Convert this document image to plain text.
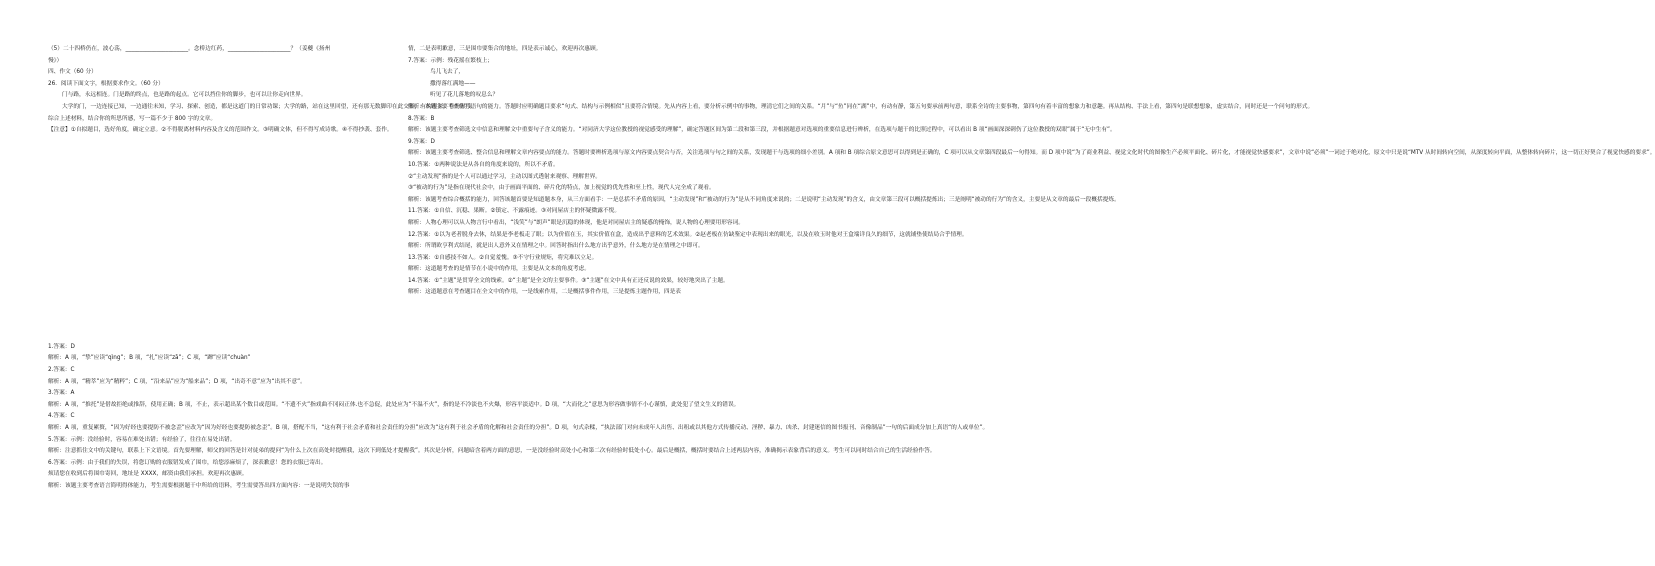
（5）二十四桥仍在，波心荡，______________________。念桥边红药，______________________？（姜夔《扬州
慢》）
四、作文（60 分）
26．阅读下面文字，根据要求作文。（60 分）
门与路，永远相连。门是路的终点，也是路的起点。它可以挡住你的脚步，也可以让你走向世界。
大学的门，一边连接已知，一边通往未知，学习、探索、创造，都是这道门的日常功课；大学的路，站在这里回望，还有那无数脚印在此交集，有的很深，有的很浅。
综合上述材料，结合你的所思所感，写一篇不少于 800 字的文章。
【注意】①自拟题目，选好角度，确定立意。②不得脱离材料内容及含义的范围作文。③明确文体，但不得写成诗歌。④不得抄袭、套作。
1.答案：D
解析：A 项，“挚”应读“qìng”；B 项，“扎”应读“zā”；C 项，“蹿”应读“chuàn”
2.答案：C
解析：A 项，“精萃”应为“精粹”；C 项，“沿来品”应为“船来品”；D 项，“出奇不意”应为“出其不意”。
3.答案：A
解析：A 项，“推托”是借故拒绝或推辞，使用正确；B 项，不止，表示超出某个数目或范围。“不遗不火”指戏曲不冈闷正体.也不急促，此处应为“不温不火”，指的是不冷淡也不火爆，形容平淡适中。D 项，“大而化之”意思为形容做事情不小心谨慎，此处犯了望文生义的错误。
4.答案：C
解析：A 项，重复累赘，“因为好经也要提防不被念歪”应改为“因为好经也要提防被念歪”。B 项，搭配不当，“这有利于社会矛盾和社会责任的分担”应改为“这有利于社会矛盾的化解和社会责任的分担”。D 项，句式杂糅，“执法部门对向未成年人出售、出租或以其他方式传播反动、淫秽、暴力、凶杀、封建迷信的图书报刊、音像制品”一句的后面成分加上真语“的人或单位”。
5.答案：示例：没经验时，容易在难处出错；有经验了，往往在易处出错。
解析：注意抓住文中的关键句，联系上下文语境。首先要理解，师父的回答是针对徒弟的提问“为什么上次在高处时提醒我，这次下到低处才提醒我”。其次是分析，问题暗含着两方面的意思，一是没经验时高处小心和第二次有经验时低处小心。最后是概括，概括时要结合上述两层内容，准确揭示表象背后的意义。考生可以同时结合自己的生活经验作答。
6.答案：示例：由于我们的失误，将您订购的衣服错发成了围巾，给您添麻烦了，深表歉意！您的衣服已寄出。
烦请您在收到后将围巾寄回，地址是 XXXX，邮资由我们承担。欢迎再次惠顾。
解析：该题主要考查语言简明得体能力，考生需要根据题干中所给的语料，考生需要答出四方面内容：一是说明失误的事
情，二是表明歉意，三是围巾要集合的地址，四是表示诚心，欢迎再次惠顾。
7.答案：示例：残花摇在繁枝上；
鸟儿飞去了，
撒得落红满地——
听见了花儿落地的叹息么？
解析：本题主要考查仿写语句的能力。答题时应明确题目要求“句式、结构与示例相似”且要符合情境。先从内容上看，要分析示例中的事物，理清它们之间的关系。“月”与“鱼”同在“湖”中，有动有静，第五句要承前两句意，联系全诗的主要事物，第四句有着丰富的想象力和意趣。再从结构、手法上看，第四句是联想想象，虚实结合，同时还是一个问句的形式。
8.答案：B
解析：该题主要考查筛选文中信息和理解文中重要句子含义的能力。“对同济大学这位教授的视觉感受的理解”，确定答题区间为第二段和第三段，并根据题意对选项的重要信息进行辨析，在选项与题干的比照过程中，可以看出 B 项“画面深深刺伤了这位教授的双眼”属于“无中生有”。
9.答案：D
解析：该题主要考查筛选、整合信息和理解文章内容要点的能力。答题时要辨析选项与原文内容要点契合与否，关注选项与句之间的关系，发现题干与选项的细小差别。A 项和 B 项综合原文意思可以得到是正确的，C 项可以从文章第四段最后一句得知。而 D 项中说“为了商业利益、视觉文化时代的图像生产必须平面化、碎片化，才能视觉快感要求”，文章中说“必须”一词过于绝对化，原文中只是说“MTV 从时间转向空间，从深度转向平面，从整体转向碎片，这一切正好契合了视觉快感的要求”。
10.答案：①两种说法是从各自的角度来说的，所以不矛盾。
②“主动发现”指的是个人可以通过学习，主动以图式透射来观察、理解世界。
③“被动的行为”是指在现代社会中，由于画面平面的、碎片化的特点，加上视觉的优先性和至上性，现代人完全成了观看。
解析：该题考查综合概括的能力，回答该题首要是知道题本身，从三方面看手：一是总括不矛盾的原因，“主动发现”和“被动的行为”是从不同角度来说的；二是说明“主动发现”的含义，由文章第三段可以概括提炼出；三是阐明“被动的行为”的含义，主要是从文章的最后一段概括提炼。
11.答案：①自信、沉稳、果断。②镇定、不露痕迹。③对同屋店主的怀疑微露不悦。
解析：人物心理可以从人物言行中看出，“浅笑”与“朗声”眼是沉稳的体现，他是对同屋店主的疑惑的掩饰，说人物的心理要用形容词。
12.答案：①以为老者脱身去休，结果是李老板走了眼；以为价值在玉，其实价值在盒，造成出乎意料的艺术效果。②赵老板在仿缺鉴定中表现出来的眼光，以及在收玉时他对王盒端详良久的细节，这就铺垫使结局合乎情理。
解析：所谓欧亨利式结尾，就是出人意外又在情理之中。回答时指出什么地方出乎意外，什么地方是在情理之中即可。
13.答案：①自感技不如人。②自觉羞愧。③不守行业规矩，将究难以立足。
解析：这道题考查的是情节在小说中的作用，主要是从文本的角度考虑。
14.答案：①“主题”是贯穿全文的线索。②“主题”是全文的主要事件。③“主题”在文中具有正还反说的效果，较好地突出了主题。
解析：这道题意在考查题目在全文中的作用，一是线索作用，二是概括事件作用，三是提炼主题作用，四是表
